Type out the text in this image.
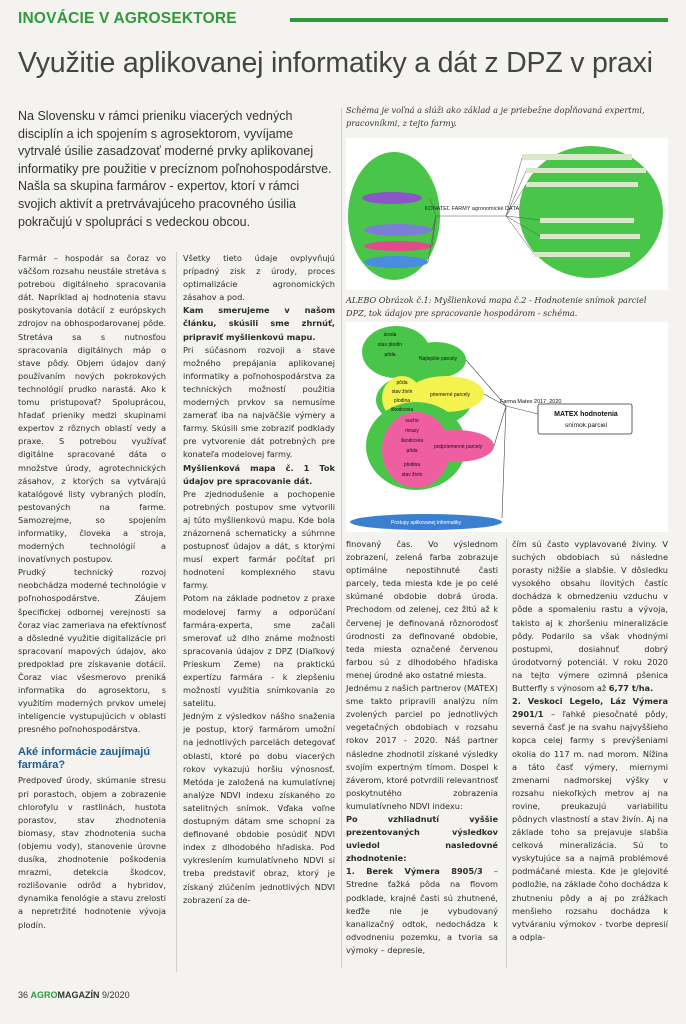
INOVÁCIE V AGROSEKTORE
Využitie aplikovanej informatiky a dát z DPZ v praxi

Na Slovensku v rámci prieniku viacerých vedných disciplín a ich spojením s agrosektorom, vyvíjame vytrvalé úsilie zasadzovať moderné prvky aplikovanej informatiky pre použitie v precíznom poľnohospodárstve.

Našla sa skupina farmárov - expertov, ktorí v rámci svojich aktivít a pretrvávajúceho pracovného úsilia pokračujú v spolupráci s vedeckou obcou.

Farmár – hospodár sa čoraz vo väčšom rozsahu neustále stretáva s potrebou digitálneho spracovania dát. Napríklad aj hodnotenia stavu poskytovania dotácií z európskych zdrojov na obhospodarovanej pôde. Stretáva sa s nutnosťou spracovania digitálnych máp o stave pôdy. Objem údajov daný používaním nových pokrokových technológií prudko narastá. Ako k tomu pristupovať? Spoluprácou, hľadať prieniky medzi skupinami expertov z rôznych oblastí vedy a praxe. S potrebou využívať digitálne spracované dáta o množstve úrody, agrotechnických zásahov, z ktorých sa vytvárajú katalógové listy vybraných plodín, pestovaných na farme. Samozrejme, so spojením informatiky, človeka a stroja, moderných technológií a inovatívnych postupov.

Prudký technický rozvoj neobchádza moderné technológie v poľnohospodárstve. Záujem špecifickej odbornej verejnosti sa čoraz viac zameriava na efektívnosť a dôsledné využitie digitalizácie pri spracovaní mapových údajov, ako predpoklad pre získavanie dotácií. Čoraz viac všesmerovo preniká informatika do agrosektoru, s využitím moderných prvkov umelej inteligencie vystupujúcich v oblasti presného poľnohospodárstva.

Aké informácie zaujímajú farmára?

Predpoveď úrody, skúmanie stresu pri porastoch, objem a zobrazenie chlorofylu v rastlinách, hustota porastov, stav zhodnotenia biomasy, stav zhodnotenia sucha (objemu vody), stanovenie úrovne dusíka, zhodnotenie poškodenia mrazmi, detekcia škodcov, rozlišovanie odrôd a hybridov, dynamika fenológie a stavu zrelosti a nepretržité hodnotenie vývoja plodín.

Všetky tieto údaje ovplyvňujú prípadný zisk z úrody, proces optimalizácie agronomických zásahov a pod.

Kam smerujeme v našom článku, skúsili sme zhrnúť, pripraviť myšlienkovú mapu.

Pri súčasnom rozvoji a stave možného prepájania aplikovanej informatiky a poľnohospodárstva za technických možností použitia moderných prvkov sa nemusíme zamerať iba na najväčšie výmery a farmy. Skúsili sme zobraziť podklady pre vytvorenie dát potrebných pre konateľa modelovej farmy.

Myšlienková mapa č. 1 Tok údajov pre spracovanie dát.

Pre zjednodušenie a pochopenie potrebných postupov sme vytvorili aj túto myšlienkovú mapu. Kde bola znázornená schematicky a súhrnne postupnosť údajov a dát, s ktorými musí expert farmár počítať pri hodnotení komplexného stavu farmy.

Potom na základe podnetov z praxe modelovej farmy a odporúčaní farmára-experta, sme začali smerovať už dlho známe možnosti spracovania údajov z DPZ (Diaľkový Prieskum Zeme) na praktickú expertízu farmára - k zlepšeniu možností využitia snímkovania zo satelitu.

Jedným z výsledkov nášho snaženia je postup, ktorý farmárom umožní na jednotlivých parcelách detegovať oblasti, ktoré po dobu viacerých rokov vykazujú horšiu výnosnosť. Metóda je založená na kumulatívnej analýze NDVI indexu získaného zo satelitných snímok. Vďaka voľne dostupným dátam sme schopní za definované obdobie posúdiť NDVI index z dlhodobého hľadiska. Pod vykreslením kumulatívneho NDVI si treba predstaviť obraz, ktorý je získaný zlúčením jednotlivých NDVI zobrazení za de-

Schéma je voľná a slúži ako základ a je priebežne dopĺňovaná expertmi, pracovníkmi, z tejto farmy.
ALEBO Obrázok č.1: Myšlienková mapa č.2 - Hodnotenie snímok parciel DPZ, tok údajov pre spracovanie hospodárom - schéma.
KONATEĽ FARMY agronomické DÁTA
Farma Matex 2017_2020
MATEX hodnotenia
snímok parciel
úroda
stav plodín
pôda
Najlepšie parcely
pôda
stav živín
plodina
škodcovia
priemerné parcely
sucho
mrazy
škodcovia
pôda
plodina
stav živín
podpriemerné parcely
Postupy aplikovanej informatiky

finovaný čas. Vo výslednom zobrazení, zelená farba zobrazuje optimálne nepostihnuté časti parcely, teda miesta kde je po celé skúmané obdobie dobrá úroda. Prechodom od zelenej, cez žltú až k červenej je definovaná rôznorodosť úrodnosti za definované obdobie, teda miesta označené červenou farbou sú z dlhodobého hľadiska menej úrodné ako ostatné miesta.

Jednému z našich partnerov (MATEX) sme takto pripravili analýzu ním zvolených parciel po jednotlivých vegetačných obdobiach v rozsahu rokov 2017 - 2020. Náš partner následne zhodnotil získané výsledky svojím expertným tímom. Dospel k záverom, ktoré potvrdili relevantnosť poskytnutého zobrazenia kumulatívneho NDVI indexu:

Po vzhliadnutí vyššie prezentovaných výsledkov uviedol nasledovné zhodnotenie:

1. Berek Výmera 8905/3 – Stredne ťažká pôda na flovom podklade, krajné časti sú zhutnené, keďže nie je vybudovaný kanalizačný odtok, nedochádza k odvodneniu pozemku, a tvoria sa výmoky – depresie,

čím sú často vyplavované živiny. V suchých obdobiach sú následne porasty nižšie a slabšie. V dôsledku vysokého obsahu ílovitých častíc dochádza k obmedzeniu vzduchu v pôde a spomaleniu rastu a vývoja, takisto aj k zhoršeniu mineralizácie pôdy. Podarilo sa však vhodnými postupmi, dosiahnuť dobrý úrodotvorný potenciál. V roku 2020 na tejto výmere ozimná pšenica Butterfly s výnosom až 6,77 t/ha.

2. Veskoci Legelo, Láz Výmera 2901/1 – ľahké piesočnaté pôdy, severná časť je na svahu najvyššieho kopca celej farmy s prevýšeniami okolia do 117 m. nad morom. Nížina a táto časť výmery, miernymi zmenami nadmorskej výšky v rozsahu niekoľkých metrov aj na rovine, preukazujú variabilitu pôdnych vlastností a stav živín. Aj na základe toho sa prejavuje slabšia celková mineralizácia. Sú to vyskytujúce sa a najmä problémové podmáčané miesta. Kde je glejovité podložie, na základe čoho dochádza k zhutneniu pôdy a aj po zrážkach menšieho rozsahu dochádza k vytváraniu výmokov - tvorbe depresií a odpla-

36 AGROMAGAZÍN 9/2020
